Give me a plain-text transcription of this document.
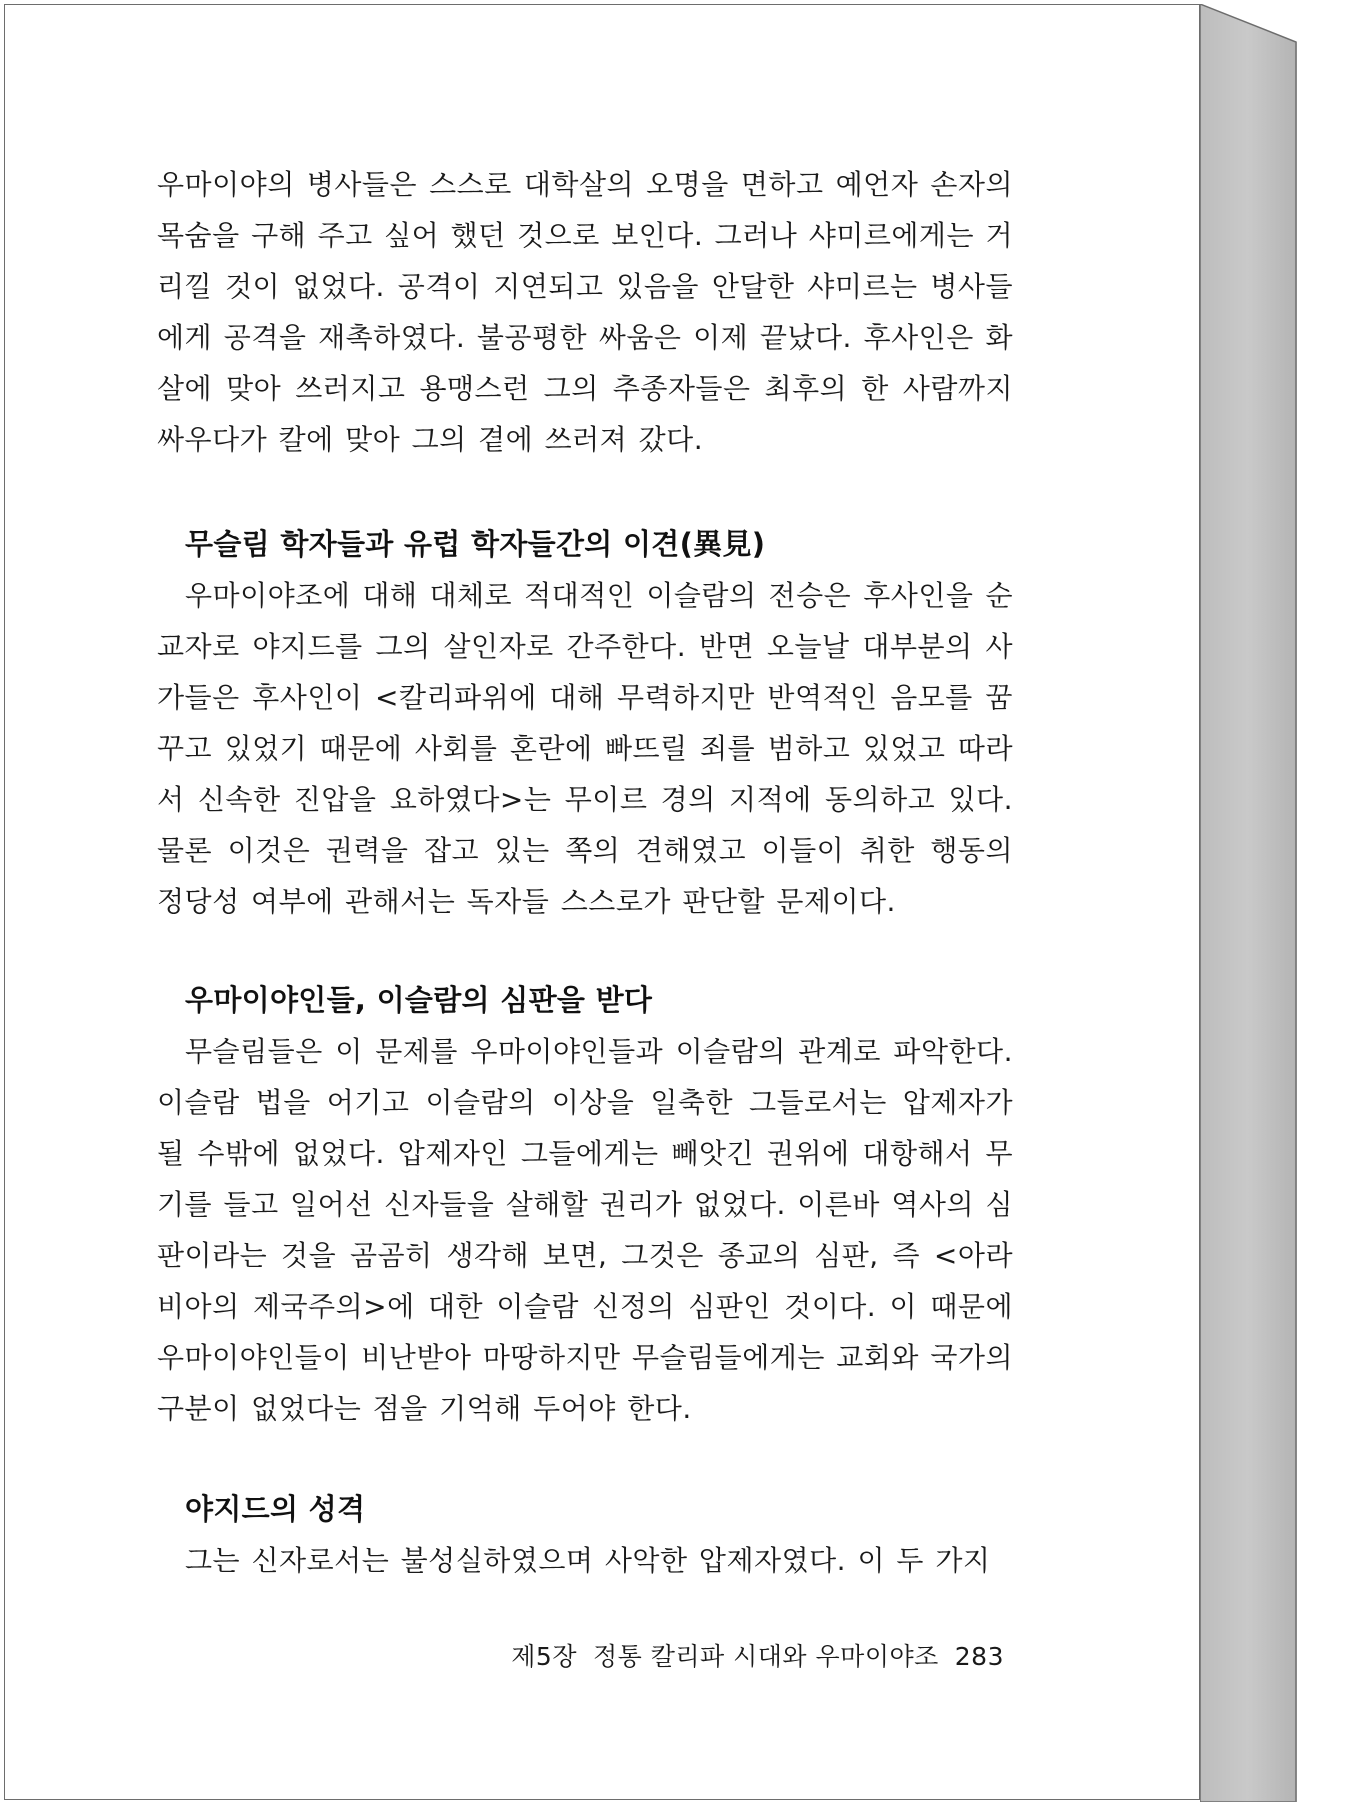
우마이야의 병사들은 스스로 대학살의 오명을 면하고 예언자 손자의 목숨을 구해 주고 싶어 했던 것으로 보인다. 그러나 샤미르에게는 거리낄 것이 없었다. 공격이 지연되고 있음을 안달한 샤미르는 병사들에게 공격을 재촉하였다. 불공평한 싸움은 이제 끝났다. 후사인은 화살에 맞아 쓰러지고 용맹스런 그의 추종자들은 최후의 한 사람까지 싸우다가 칼에 맞아 그의 곁에 쓰러져 갔다.

무슬림 학자들과 유럽 학자들간의 이견(異見)

우마이야조에 대해 대체로 적대적인 이슬람의 전승은 후사인을 순교자로 야지드를 그의 살인자로 간주한다. 반면 오늘날 대부분의 사가들은 후사인이 <칼리파위에 대해 무력하지만 반역적인 음모를 꿈 꾸고 있었기 때문에 사회를 혼란에 빠뜨릴 죄를 범하고 있었고 따라서 신속한 진압을 요하였다>는 무이르 경의 지적에 동의하고 있다. 물론 이것은 권력을 잡고 있는 쪽의 견해였고 이들이 취한 행동의 정당성 여부에 관해서는 독자들 스스로가 판단할 문제이다.

우마이야인들, 이슬람의 심판을 받다

무슬림들은 이 문제를 우마이야인들과 이슬람의 관계로 파악한다. 이슬람 법을 어기고 이슬람의 이상을 일축한 그들로서는 압제자가 될 수밖에 없었다. 압제자인 그들에게는 빼앗긴 권위에 대항해서 무기를 들고 일어선 신자들을 살해할 권리가 없었다. 이른바 역사의 심판이라는 것을 곰곰히 생각해 보면, 그것은 종교의 심판, 즉 <아라비아의 제국주의>에 대한 이슬람 신정의 심판인 것이다. 이 때문에 우마이야인들이 비난받아 마땅하지만 무슬림들에게는 교회와 국가의 구분이 없었다는 점을 기억해 두어야 한다.

야지드의 성격

그는 신자로서는 불성실하였으며 사악한 압제자였다. 이 두 가지

제5장 정통 칼리파 시대와 우마이야조 283
